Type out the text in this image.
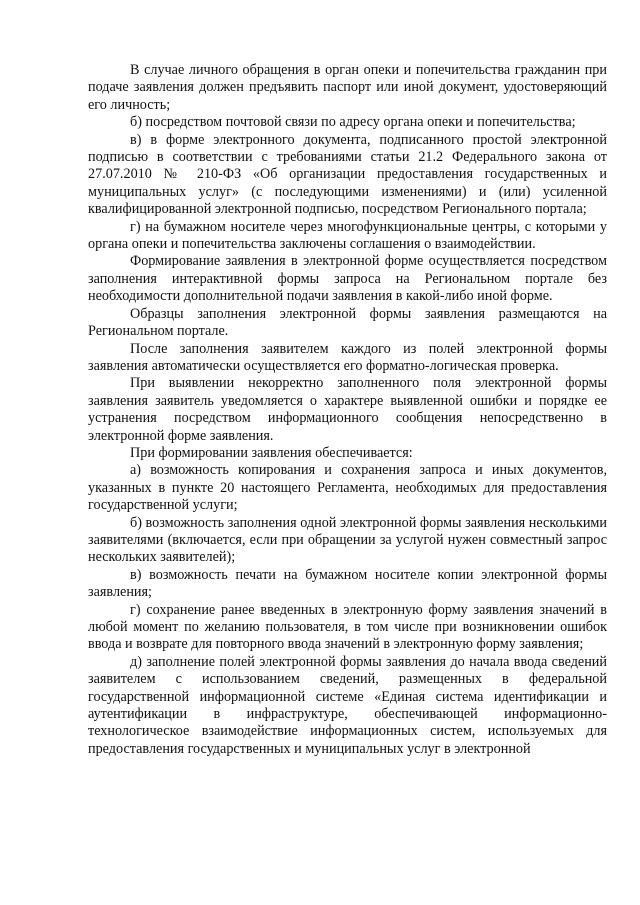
В случае личного обращения в орган опеки и попечительства гражданин при подаче заявления должен предъявить паспорт или иной документ, удостоверяющий его личность;

б) посредством почтовой связи по адресу органа опеки и попечительства;

в) в форме электронного документа, подписанного простой электронной подписью в соответствии с требованиями статьи 21.2 Федерального закона от 27.07.2010 № 210-ФЗ «Об организации предоставления государственных и муниципальных услуг» (с последующими изменениями) и (или) усиленной квалифицированной электронной подписью, посредством Регионального портала;

г) на бумажном носителе через многофункциональные центры, с которыми у органа опеки и попечительства заключены соглашения о взаимодействии.

Формирование заявления в электронной форме осуществляется посредством заполнения интерактивной формы запроса на Региональном портале без необходимости дополнительной подачи заявления в какой-либо иной форме.

Образцы заполнения электронной формы заявления размещаются на Региональном портале.

После заполнения заявителем каждого из полей электронной формы заявления автоматически осуществляется его форматно-логическая проверка.

При выявлении некорректно заполненного поля электронной формы заявления заявитель уведомляется о характере выявленной ошибки и порядке ее устранения посредством информационного сообщения непосредственно в электронной форме заявления.

При формировании заявления обеспечивается:

а) возможность копирования и сохранения запроса и иных документов, указанных в пункте 20 настоящего Регламента, необходимых для предоставления государственной услуги;

б) возможность заполнения одной электронной формы заявления несколькими заявителями (включается, если при обращении за услугой нужен совместный запрос нескольких заявителей);

в) возможность печати на бумажном носителе копии электронной формы заявления;

г) сохранение ранее введенных в электронную форму заявления значений в любой момент по желанию пользователя, в том числе при возникновении ошибок ввода и возврате для повторного ввода значений в электронную форму заявления;

д) заполнение полей электронной формы заявления до начала ввода сведений заявителем с использованием сведений, размещенных в федеральной государственной информационной системе «Единая система идентификации и аутентификации в инфраструктуре, обеспечивающей информационно-технологическое взаимодействие информационных систем, используемых для предоставления государственных и муниципальных услуг в электронной
